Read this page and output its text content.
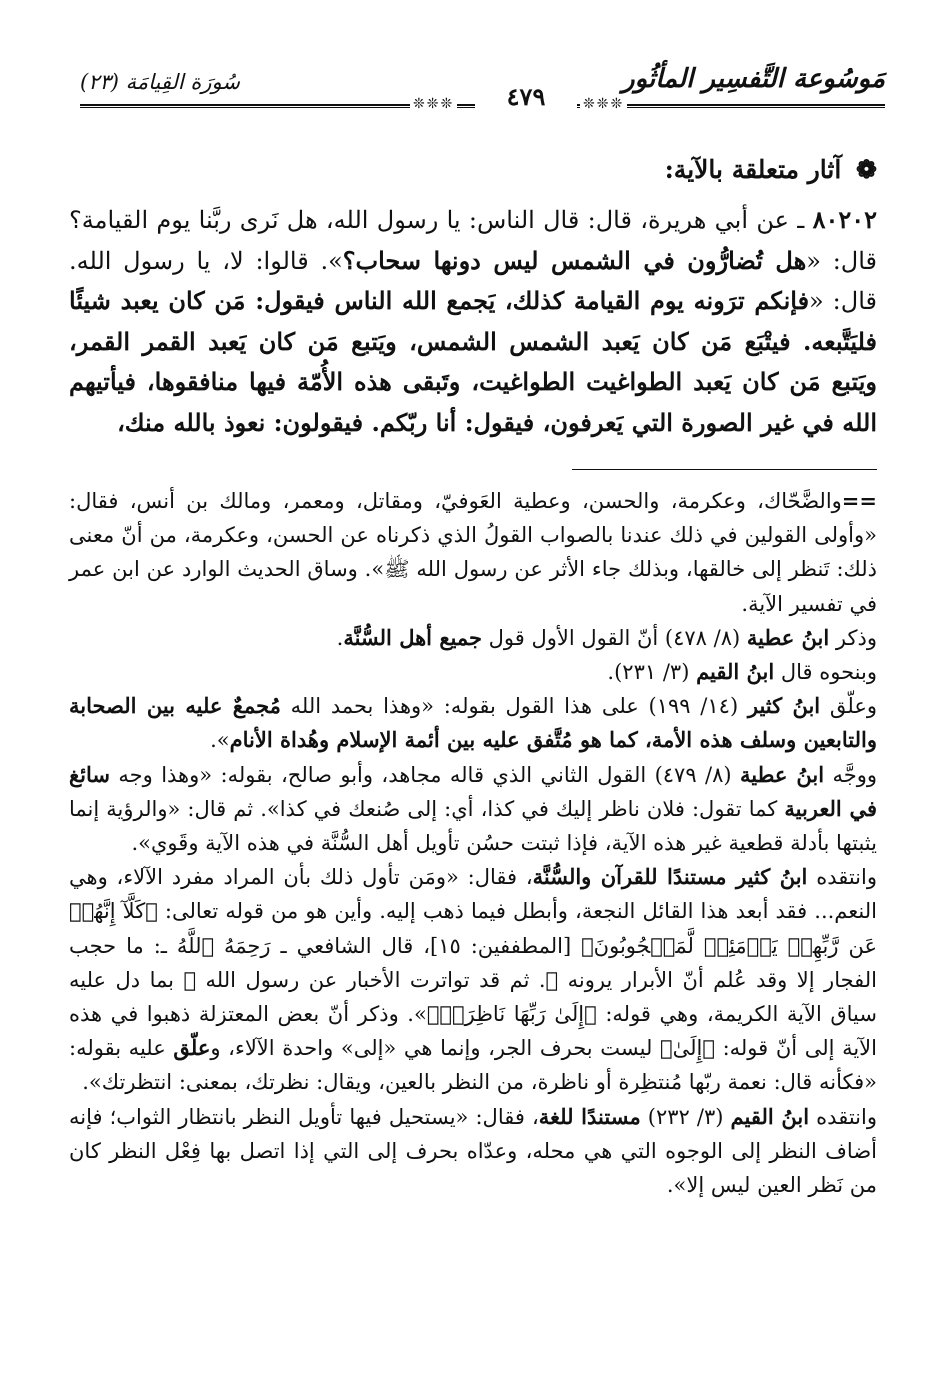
مَوسُوعة التَّفسِير المأثُور
سُورَة القِيامَة (٢٣)
❊❊❊	❊❊❊
٤٧٩
❁ آثار متعلقة بالآية:

٨٠٢٠٢ ـ عن أبي هريرة، قال: قال الناس: يا رسول الله، هل نَرى ربَّنا يوم القيامة؟ قال: «هل تُضارُّون في الشمس ليس دونها سحاب؟». قالوا: لا، يا رسول الله. قال: «فإنكم ترَونه يوم القيامة كذلك، يَجمع الله الناس فيقول: مَن كان يعبد شيئًا فليَتَّبعه. فيتْبَع مَن كان يَعبد الشمس الشمس، ويَتبع مَن كان يَعبد القمر القمر، ويَتبع مَن كان يَعبد الطواغيت الطواغيت، وتَبقى هذه الأُمّة فيها منافقوها، فيأتيهم الله في غير الصورة التي يَعرفون، فيقول: أنا ربّكم. فيقولون: نعوذ بالله منك،

==والضَّحّاك، وعكرمة، والحسن، وعطية العَوفيّ، ومقاتل، ومعمر، ومالك بن أنس، فقال: «وأولى القولين في ذلك عندنا بالصواب القولُ الذي ذكرناه عن الحسن، وعكرمة، من أنّ معنى ذلك: تَنظر إلى خالقها، وبذلك جاء الأثر عن رسول الله ﷺ». وساق الحديث الوارد عن ابن عمر في تفسير الآية.

وذكر ابنُ عطية (٨/ ٤٧٨) أنّ القول الأول قول جميع أهل السُّنَّة.

وبنحوه قال ابنُ القيم (٣/ ٢٣١).

وعلّق ابنُ كثير (١٤/ ١٩٩) على هذا القول بقوله: «وهذا بحمد الله مُجمعٌ عليه بين الصحابة والتابعين وسلف هذه الأمة، كما هو مُتَّفق عليه بين أئمة الإسلام وهُداة الأنام».

ووجَّه ابنُ عطية (٨/ ٤٧٩) القول الثاني الذي قاله مجاهد، وأبو صالح، بقوله: «وهذا وجه سائغ في العربية كما تقول: فلان ناظر إليك في كذا، أي: إلى صُنعك في كذا». ثم قال: «والرؤية إنما يثبتها بأدلة قطعية غير هذه الآية، فإذا ثبتت حسُن تأويل أهل السُّنَّة في هذه الآية وقَوي».

وانتقده ابنُ كثير مستندًا للقرآن والسُّنَّة، فقال: «ومَن تأول ذلك بأن المراد مفرد الآلاء، وهي النعم... فقد أبعد هذا القائل النجعة، وأبطل فيما ذهب إليه. وأين هو من قوله تعالى: ﴿كَلَّآ إِنَّهُمۡ عَن رَّبِّهِمۡ يَوۡمَئِذٖ لَّمَحۡجُوبُونَ﴾ [المطففين: ١٥]، قال الشافعي ـ رَحِمَهُ ٱللَّهُ ـ: ما حجب الفجار إلا وقد عُلم أنّ الأبرار يرونه ﷻ. ثم قد تواترت الأخبار عن رسول الله ﷺ بما دل عليه سياق الآية الكريمة، وهي قوله: ﴿إِلَىٰ رَبِّهَا نَاظِرَةٞ﴾». وذكر أنّ بعض المعتزلة ذهبوا في هذه الآية إلى أنّ قوله: ﴿إِلَىٰ﴾ ليست بحرف الجر، وإنما هي «إلى» واحدة الآلاء، وعلّق عليه بقوله: «فكأنه قال: نعمة ربّها مُنتظِرة أو ناظرة، من النظر بالعين، ويقال: نظرتك، بمعنى: انتظرتك».

وانتقده ابنُ القيم (٣/ ٢٣٢) مستندًا للغة، فقال: «يستحيل فيها تأويل النظر بانتظار الثواب؛ فإنه أضاف النظر إلى الوجوه التي هي محله، وعدّاه بحرف إلى التي إذا اتصل بها فِعْل النظر كان من نَظر العين ليس إلا».
